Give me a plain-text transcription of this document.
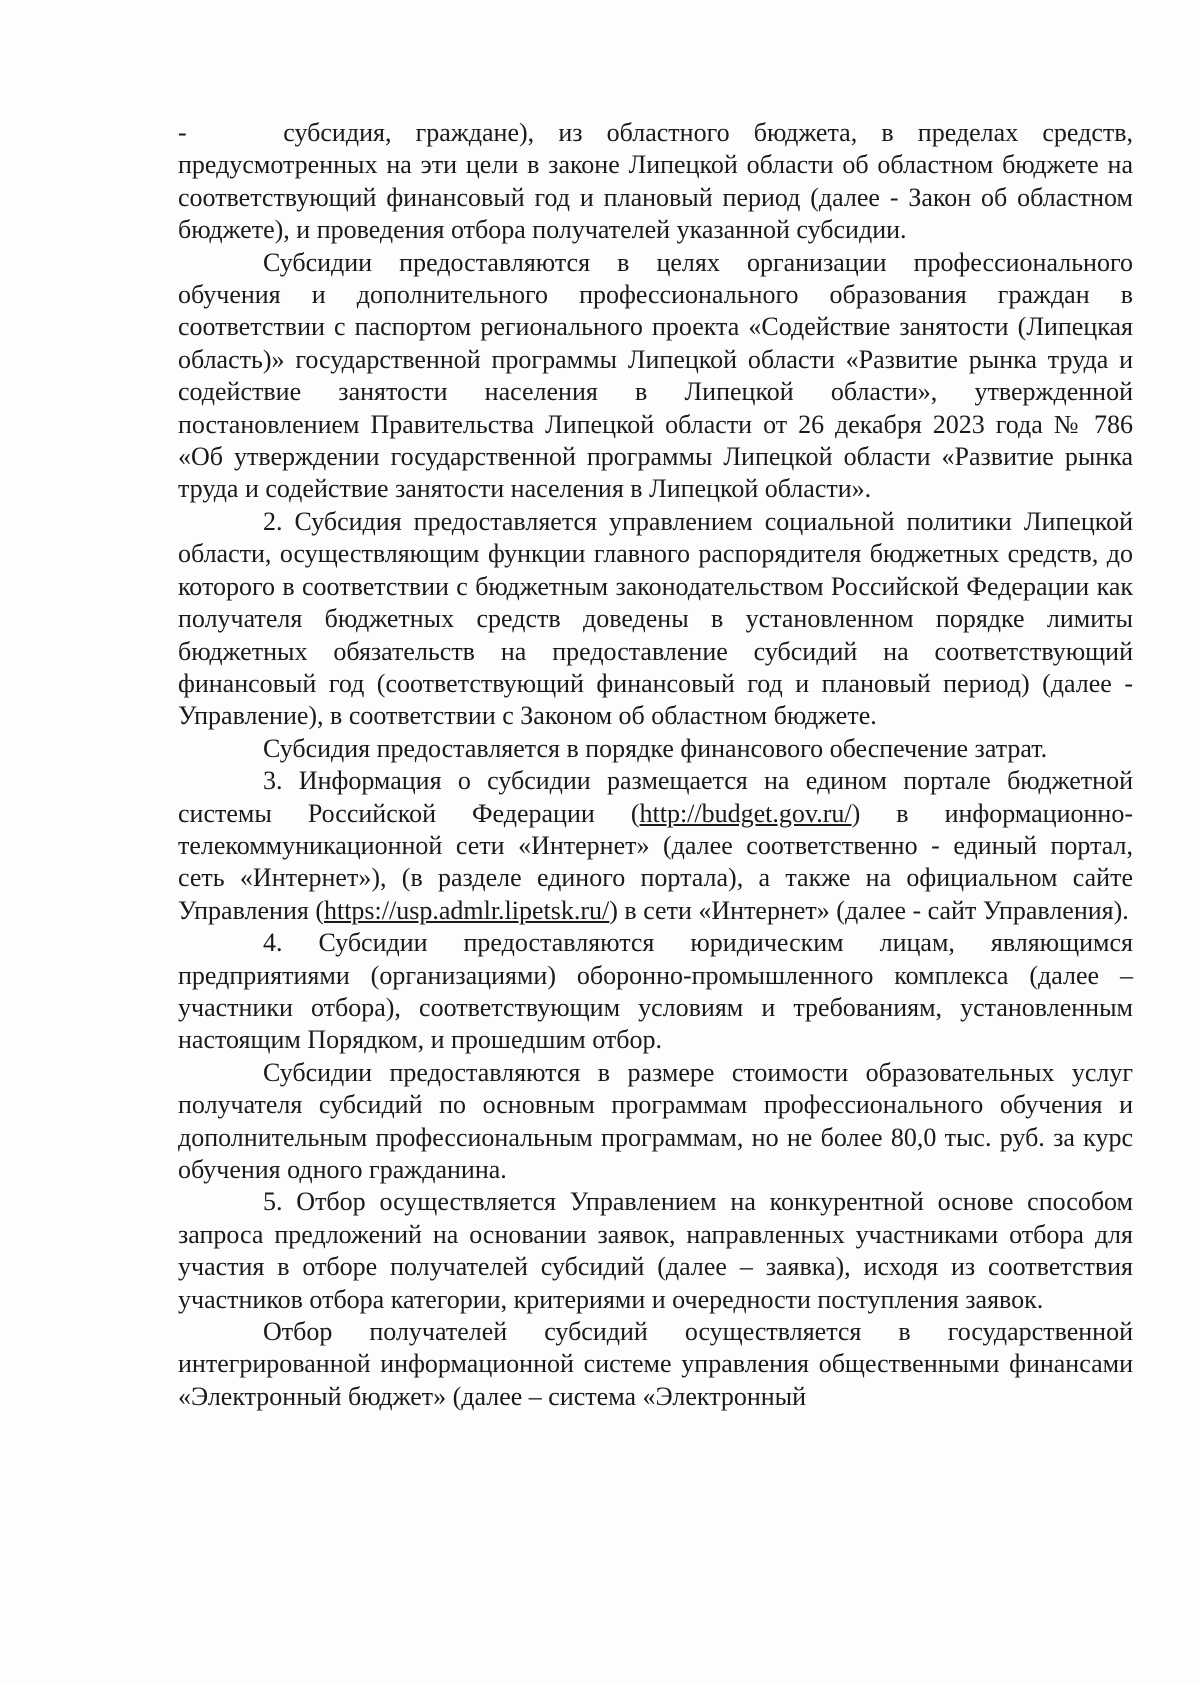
-    субсидия, граждане), из областного бюджета, в пределах средств, предусмотренных на эти цели в законе Липецкой области об областном бюджете на соответствующий финансовый год и плановый период (далее - Закон об областном бюджете), и проведения отбора получателей указанной субсидии.

Субсидии предоставляются в целях организации профессионального обучения и дополнительного профессионального образования граждан в соответствии с паспортом регионального проекта «Содействие занятости (Липецкая область)» государственной программы Липецкой области «Развитие рынка труда и содействие занятости населения в Липецкой области», утвержденной постановлением Правительства Липецкой области от 26 декабря 2023 года № 786 «Об утверждении государственной программы Липецкой области «Развитие рынка труда и содействие занятости населения в Липецкой области».

2. Субсидия предоставляется управлением социальной политики Липецкой области, осуществляющим функции главного распорядителя бюджетных средств, до которого в соответствии с бюджетным законодательством Российской Федерации как получателя бюджетных средств доведены в установленном порядке лимиты бюджетных обязательств на предоставление субсидий на соответствующий финансовый год (соответствующий финансовый год и плановый период) (далее - Управление), в соответствии с Законом об областном бюджете.

Субсидия предоставляется в порядке финансового обеспечение затрат.

3. Информация о субсидии размещается на едином портале бюджетной системы Российской Федерации (http://budget.gov.ru/) в информационно-телекоммуникационной сети «Интернет» (далее соответственно - единый портал, сеть «Интернет»), (в разделе единого портала), а также на официальном сайте Управления (https://usp.admlr.lipetsk.ru/) в сети «Интернет» (далее - сайт Управления).

4. Субсидии предоставляются юридическим лицам, являющимся предприятиями (организациями) оборонно-промышленного комплекса (далее – участники отбора), соответствующим условиям и требованиям, установленным настоящим Порядком, и прошедшим отбор.

Субсидии предоставляются в размере стоимости образовательных услуг получателя субсидий по основным программам профессионального обучения и дополнительным профессиональным программам, но не более 80,0 тыс. руб. за курс обучения одного гражданина.

5. Отбор осуществляется Управлением на конкурентной основе способом запроса предложений на основании заявок, направленных участниками отбора для участия в отборе получателей субсидий (далее – заявка), исходя из соответствия участников отбора категории, критериями и очередности поступления заявок.

Отбор получателей субсидий осуществляется в государственной интегрированной информационной системе управления общественными финансами «Электронный бюджет» (далее – система «Электронный
